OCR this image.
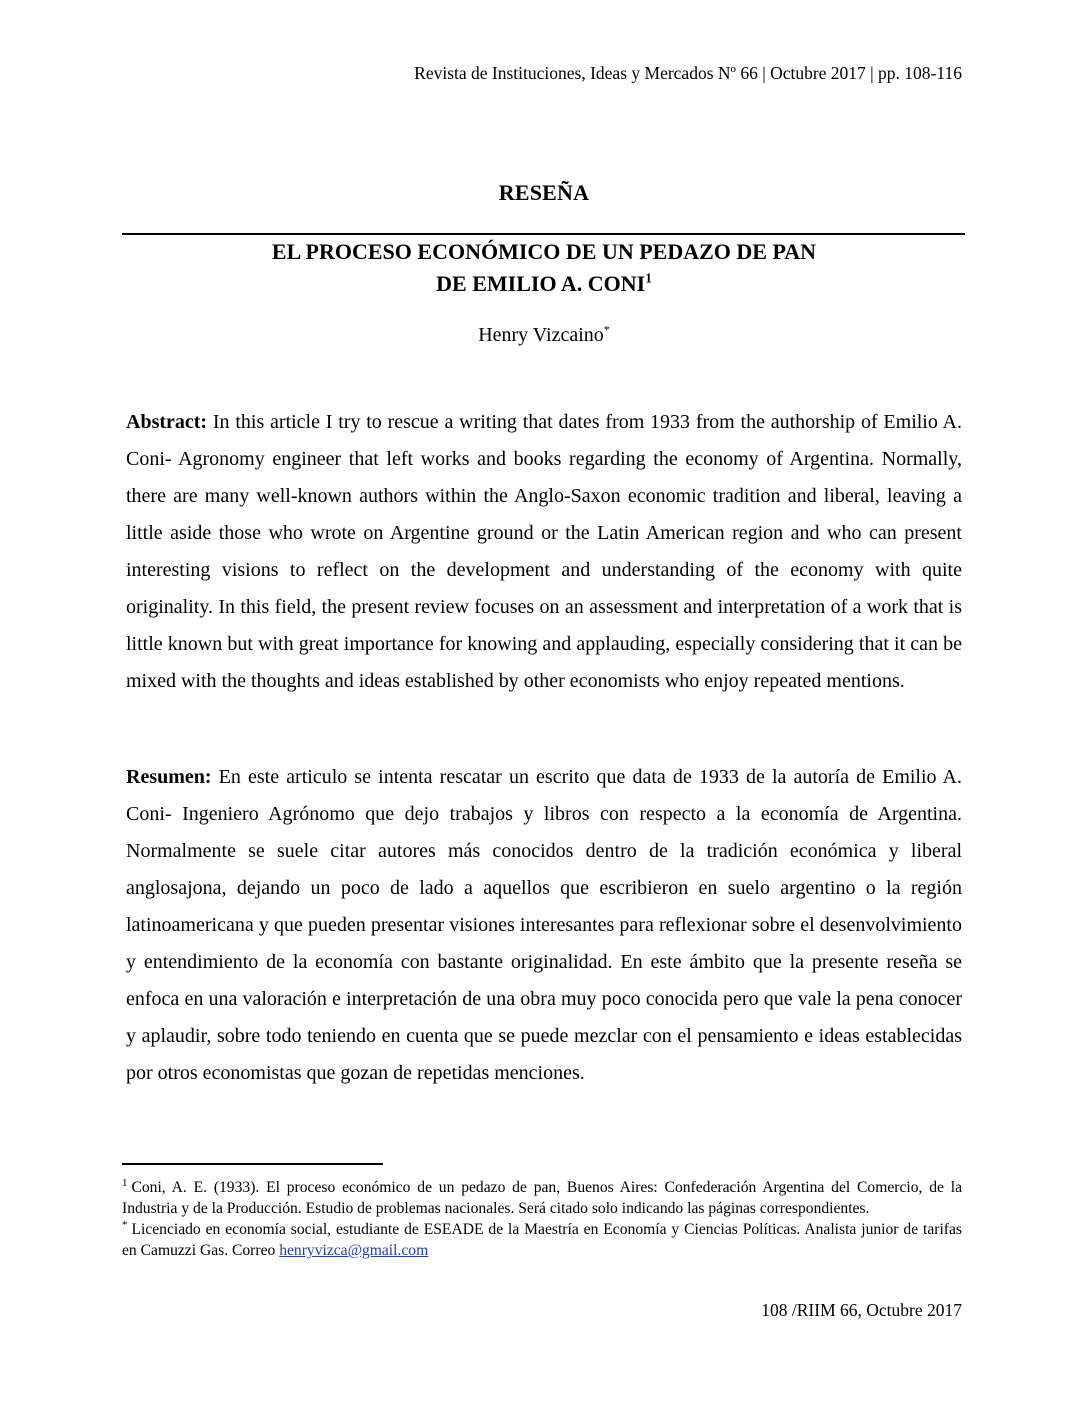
Revista de Instituciones, Ideas y Mercados Nº 66 | Octubre 2017 | pp. 108-116
RESEÑA
EL PROCESO ECONÓMICO DE UN PEDAZO DE PAN
DE EMILIO A. CONI$^1$
Henry Vizcaino*

Abstract: In this article I try to rescue a writing that dates from 1933 from the authorship of Emilio A. Coni- Agronomy engineer that left works and books regarding the economy of Argentina. Normally, there are many well-known authors within the Anglo-Saxon economic tradition and liberal, leaving a little aside those who wrote on Argentine ground or the Latin American region and who can present interesting visions to reflect on the development and understanding of the economy with quite originality. In this field, the present review focuses on an assessment and interpretation of a work that is little known but with great importance for knowing and applauding, especially considering that it can be mixed with the thoughts and ideas established by other economists who enjoy repeated mentions.

Resumen: En este articulo se intenta rescatar un escrito que data de 1933 de la autoría de Emilio A. Coni- Ingeniero Agrónomo que dejo trabajos y libros con respecto a la economía de Argentina. Normalmente se suele citar autores más conocidos dentro de la tradición económica y liberal anglosajona, dejando un poco de lado a aquellos que escribieron en suelo argentino o la región latinoamericana y que pueden presentar visiones interesantes para reflexionar sobre el desenvolvimiento y entendimiento de la economía con bastante originalidad. En este ámbito que la presente reseña se enfoca en una valoración e interpretación de una obra muy poco conocida pero que vale la pena conocer y aplaudir, sobre todo teniendo en cuenta que se puede mezclar con el pensamiento e ideas establecidas por otros economistas que gozan de repetidas menciones.

$^1$ Coni, A. E. (1933). El proceso económico de un pedazo de pan, Buenos Aires: Confederación Argentina del Comercio, de la Industria y de la Producción. Estudio de problemas nacionales. Será citado solo indicando las páginas correspondientes.

* Licenciado en economía social, estudiante de ESEADE de la Maestría en Economía y Ciencias Políticas. Analista junior de tarifas en Camuzzi Gas. Correo henryvizca@gmail.com

108 /RIIM 66, Octubre 2017
